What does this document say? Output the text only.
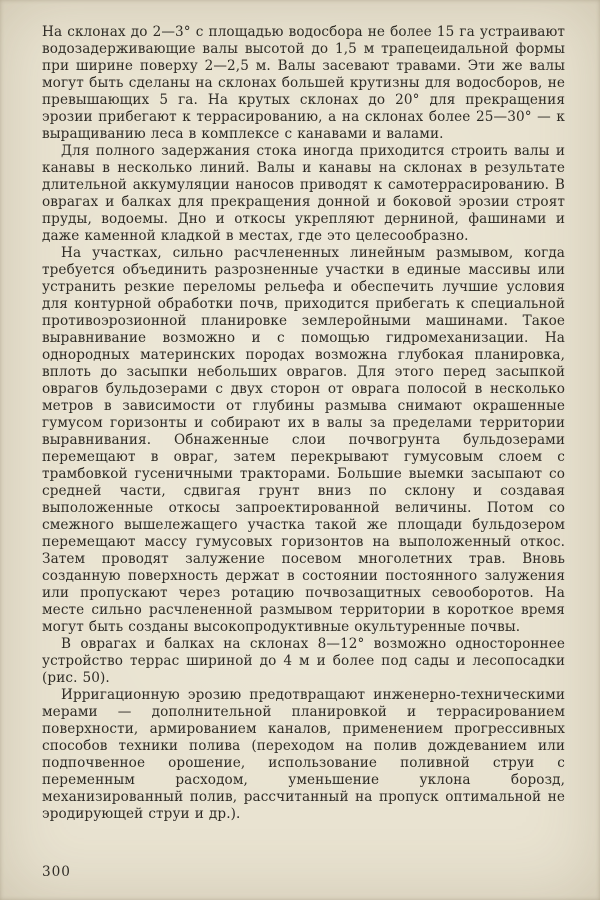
На склонах до 2—3° с площадью водосбора не более 15 га устраивают водозадерживающие валы высотой до 1,5 м трапецеидальной формы при ширине поверху 2—2,5 м. Валы засевают травами. Эти же валы могут быть сделаны на склонах большей крутизны для водосборов, не превышающих 5 га. На крутых склонах до 20° для прекращения эрозии прибегают к террасированию, а на склонах более 25—30° — к выращиванию леса в комплексе с канавами и валами.

Для полного задержания стока иногда приходится строить валы и канавы в несколько линий. Валы и канавы на склонах в результате длительной аккумуляции наносов приводят к самотеррасированию. В оврагах и балках для прекращения донной и боковой эрозии строят пруды, водоемы. Дно и откосы укрепляют дерниной, фашинами и даже каменной кладкой в местах, где это целесообразно.

На участках, сильно расчлененных линейным размывом, когда требуется объединить разрозненные участки в единые массивы или устранить резкие переломы рельефа и обеспечить лучшие условия для контурной обработки почв, приходится прибегать к специальной противоэрозионной планировке землеройными машинами. Такое выравнивание возможно и с помощью гидромеханизации. На однородных материнских породах возможна глубокая планировка, вплоть до засыпки небольших оврагов. Для этого перед засыпкой оврагов бульдозерами с двух сторон от оврага полосой в несколько метров в зависимости от глубины размыва снимают окрашенные гумусом горизонты и собирают их в валы за пределами территории выравнивания. Обнаженные слои почвогрунта бульдозерами перемещают в овраг, затем перекрывают гумусовым слоем с трамбовкой гусеничными тракторами. Большие выемки засыпают со средней части, сдвигая грунт вниз по склону и создавая выположенные откосы запроектированной величины. Потом со смежного вышележащего участка такой же площади бульдозером перемещают массу гумусовых горизонтов на выположенный откос. Затем проводят залужение посевом многолетних трав. Вновь созданную поверхность держат в состоянии постоянного залужения или пропускают через ротацию почвозащитных севооборотов. На месте сильно расчлененной размывом территории в короткое время могут быть созданы высокопродуктивные окультуренные почвы.

В оврагах и балках на склонах 8—12° возможно одностороннее устройство террас шириной до 4 м и более под сады и лесопосадки (рис. 50).

Ирригационную эрозию предотвращают инженерно-техническими мерами — дополнительной планировкой и террасированием поверхности, армированием каналов, применением прогрессивных способов техники полива (переходом на полив дождеванием или подпочвенное орошение, использование поливной струи с переменным расходом, уменьшение уклона борозд, механизированный полив, рассчитанный на пропуск оптимальной не эродирующей струи и др.).

300
